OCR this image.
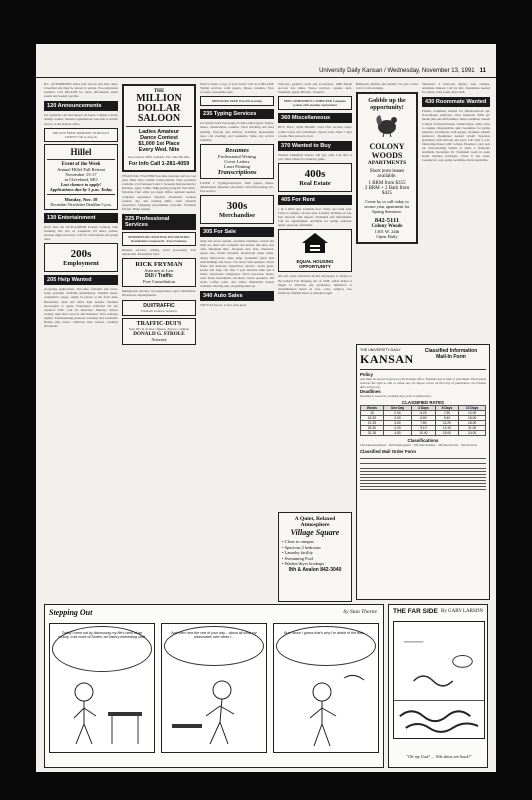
University Daily Kansan / Wednesday, November 13, 1991 11
B.C. AUTHORIZED dance hall service and beer chest. Classified ads must be placed in person. Pre-registration required. Call 864-4358 for more information about events and weekly specials.
120 Announcements
For questions call and support 24 hours. Campus activity listings weekly. Student organizations welcome to submit notices to the Kansan office.
DID YOU NEED SOMEONE TO REALLY LISTEN? Call or drop in.
Hillel
Event of the Week
Annual Hillel Fall Retreat
November 15-17
in Cleveland, MO
Last chance to apply!
Applications due by 5 p.m. Today
Monday, Nov. 18
December Newsletter Deadline 5 p.m.
130 Entertainment
Don't miss the OUTLANDISH Kansan Comedy Club featuring live acts on weekends. DJ dance parties, karaoke night and more. Call for reservations and group rates.
200s
Employment
205 Help Wanted
Accepting applications. Part-time, full-time and work-study positions available immediately. Flexible hours, competitive wages. Apply in person at the front desk. Restaurant, retail and office help needed. Students encouraged to apply. Experience preferred but not required. EOE. Call for interview. Delivery drivers wanted, must have own car and insurance. Earn cash tips nightly. Telemarketing positions evenings and weekends. Hourly plus bonus. Childcare help wanted, weekday afternoons.
THE
MILLION
DOLLAR
SALOON
Ladies Amateur
Dance Contest
$1,000 1st Place
Every Wed. Nite
Also: Dancer shifts available. Part time/full time.
For Info Call 1-281-4059
FINANCIAL TEACHER Part-time customer service. Get paid. Must have reliable transportation. Sales positions available. Call between 9 and 5. Seasonal help needed for holidays, apply within. High-paying program. Part-time / full-time. Earn while you learn. Office assistant needed, computer experience required. Warehouse workers wanted, day and evening shifts. Gain valuable experience. Outgoing personalities welcome. Positions fill fast. Bring resume.
225 Professional Services
REMODELING PAINTING DECORATING Residential Commercial - Free Estimates
Resume services, editing, word processing. Fast turnaround. Reasonable rates.
RICK FRYMAN
Attorney at Law
DUI / Traffic
Free Consultation
Immigration attorney, tax preparation, legal consultation. Diversions, expungements.
DUI/TRAFFIC
Elizabeth Leonard, Attorney
TRAFFIC-DUI'S
Fake ID's & alcohol offenses, divorce, criminal
DONALD G. STROLE
Attorney
Need to make a copy of your notes? Call us at 864-4358. Typing services, term papers, theses, resumes. Fast, accurate, reasonable rates.
PRESSURE FREE Word Processing
235 Typing Services
Let Words Work Processing. Former editor/typist. Papers, theses, dissertations, resumes. Spell checking and laser printing. Pick-up and delivery available. Reasonable rates, call evenings and weekends. Same day service available.
Resumes
Professional Writing
Cover Letters
Laser Printing
Transcriptions
LASER 1: Typing/transcripts. Term papers, theses, dissertations. Resumes and letters. Word Processing, Inc. Fast service.
300s
Merchandise
305 For Sale
Amp and stereo system, excellent condition. Couch and chair set, must sell. Computer and printer, like new, best offer. Mountain bike, 18-speed, new tires. Waterbed, queen size, heater included. Round-trip plane ticket, cheap. Microwave, desk, lamp, bookshelf. Snow skis with bindings and boots. Car stereo with speakers. Futon frame and mattress. Typewriter, electric, works great. Guitar and amp, call after 5 p.m. Kitchen table and 4 chairs. Dorm-size refrigerator. Word processor, barely used. Texas Instruments calculator. Stereo speakers, 100 watts. Coffee table, end tables. Basketball tickets available. Moving sale, everything must go.
340 Auto Sales
1987 Ford Escort, 4 door, runs great.
Software, graphics cards and accessories. 1986 Honda Accord, low miles. Stereo receiver, cassette deck. Waterbed, queen. Bicycle, 10-speed.
IBM COMPATIBLE COMPUTER Complete system with monitor and printer
360 Miscellaneous
BUY, SELL, AND TRADE. Used CDs, records, tapes. Comic books and collectibles. Sports cards. Open 7 days a week. Best prices in town.
370 Wanted to Buy
Wanted: basketball tickets, will pay cash. Call after 6 p.m. Need tickets for Saturday game.
400s
Real Estate
405 For Rent
1 & 2 bdrm apts available now. Water and trash paid. Close to campus, on bus route. Laundry facilities on site. Pets allowed with deposit. Furnished and unfurnished. Call for appointment. Available for spring semester. Quiet, spacious, affordable.
EQUAL HOUSING OPPORTUNITY
All real estate advertised in this newspaper is subject to the Federal Fair Housing Act of 1968, which makes it illegal to advertise any preference, limitation or discrimination based on race, color, religion, sex, handicap, familial status or national origin.
A Quiet, Relaxed Atmosphere
Village Square
• Close to campus
• Spacious 2 bedroom
• Laundry facility
• Swimming Pool
• Washer/dryer hookups
9th & Avalon 842-3040
Bathroom, kitchen and laundry. No pets. Close to KU. Call evenings.
Gobble up the opportunity!
COLONY WOODS
APARTMENTS
Short term leases available.
1 BRM from $355
2 BRM + 2 Bath from $425
Come by or call today to secure your apartment for Spring Semester.
842-5111
Colony Woods
1301 W. 24th
Open Daily
Subleases: 2 bedroom duplex, near campus. Available January. Call for info. Roommate needed for spring. Own room, share bath.
430 Roommate Wanted
Female roommate needed for Meadowbrook apt. Non-smoker preferred. Own bedroom, $200 per month plus one-half utilities. Male roommate wanted to share 3 bedroom house. Washer/dryer, cable, close to campus. Responsible, quiet roommate for spring semester. Townhouse with garage. Graduate student preferred. Roommate needed ASAP. Spacious apartment with balcony and pool. Call after 5 p.m. Share large house with 3 others. Fireplace, yard, pets ok. Non-smoking female to share 2 bedroom. Available December 20. Furnished room in quiet home. Kitchen privileges. Close to bus route. Looking for easy-going roommate. Rent negotiable.
THE UNIVERSITY DAILY
KANSAN
Classified Information
Mail-In Form
Policy
Ads must be placed in person at the Kansan office. Payment due at time of placement. The Kansan reserves the right to edit or refuse any ad. Report errors on first day of publication. No refunds after ad has run.
Deadlines
Deadline is noon two working days prior to publication.
CLASSIFIED RATES
Words	One Day	3 Days	5 Days	10 Days
15	2.40	5.20	7.50	12.00
16-20	3.00	6.50	9.40	15.00
21-25	3.60	7.80	11.20	18.00
26-30	4.20	9.10	13.10	21.00
31-35	4.80	10.40	15.00	24.00
Classifications
100 Announcements · 200 Employment · 300 Merchandise · 400 Real Estate · 500 Services
Classified Mail Order Form
Stepping Out	by Stan Thorne
Today I went out by discussing my life's work of art history. Lots more of Dudes' art history interesting stuff.
And then how the rest of your day... about all what my classmates over when I...
But I know I guess that's why I'm afraid of the dark....
THE FAR SIDE By GARY LARSON
"Oh my God! ... '60s skins are back!"
